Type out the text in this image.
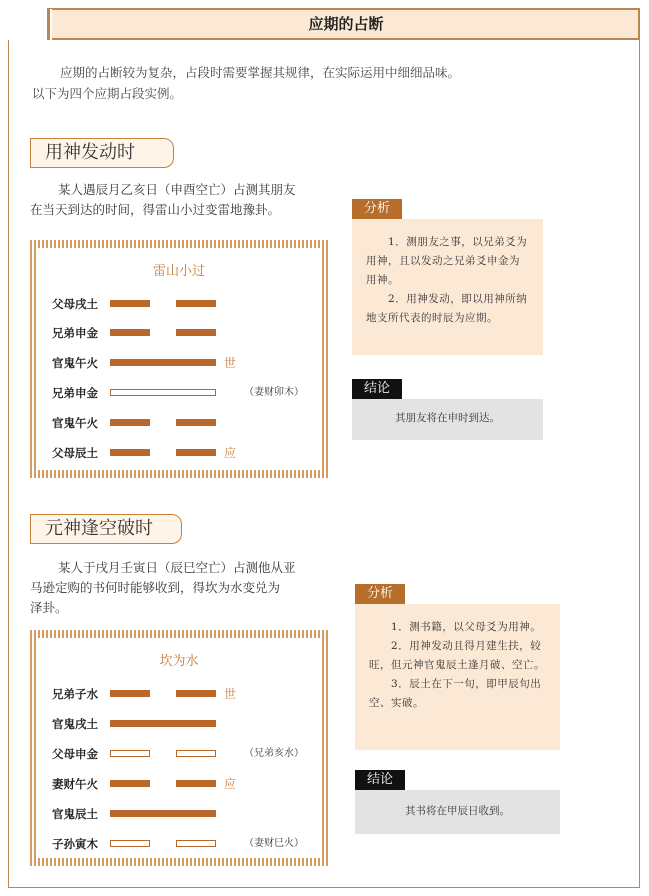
应期的占断
应期的占断较为复杂，占段时需要掌握其规律，在实际运用中细细品味。
以下为四个应期占段实例。
用神发动时
某人遇辰月乙亥日（申酉空亡）占测其朋友
在当天到达的时间，得雷山小过变雷地豫卦。
雷山小过
父母戌土
兄弟申金
官鬼午火	世
兄弟申金	（妻财卯木）
官鬼午火
父母辰土	应
分析

1．测朋友之事，以兄弟爻为用神，且以发动之兄弟爻申金为用神。

2．用神发动，即以用神所纳地支所代表的时辰为应期。

结论
其朋友将在申时到达。
元神逢空破时
某人于戌月壬寅日（辰巳空亡）占测他从亚
马逊定购的书何时能够收到，得坎为水变兑为
泽卦。
坎为水
兄弟子水	世
官鬼戌土
父母申金	（兄弟亥水）
妻财午火	应
官鬼辰土
子孙寅木	（妻财巳火）
分析

1．测书籍，以父母爻为用神。

2．用神发动且得月建生扶，较旺，但元神官鬼辰土逢月破、空亡。

3．辰土在下一旬，即甲辰旬出空、实破。

结论
其书将在甲辰日收到。
